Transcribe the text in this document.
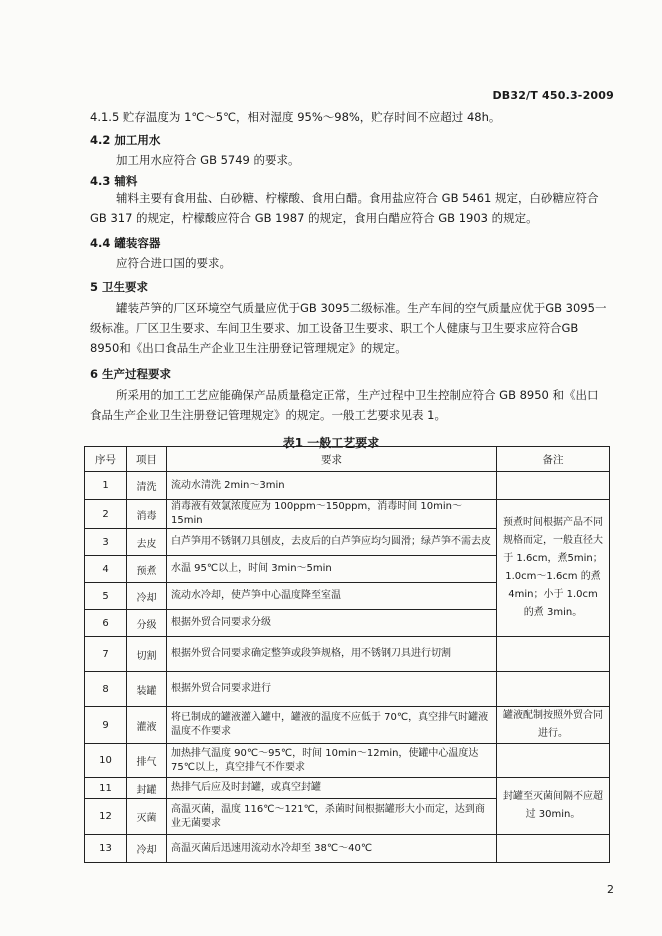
DB32/T 450.3-2009
4.1.5 贮存温度为 1℃～5℃，相对湿度 95%～98%，贮存时间不应超过 48h。
4.2 加工用水
加工用水应符合 GB 5749 的要求。
4.3 辅料
辅料主要有食用盐、白砂糖、柠檬酸、食用白醋。食用盐应符合 GB 5461 规定，白砂糖应符合 GB 317 的规定，柠檬酸应符合 GB 1987 的规定，食用白醋应符合 GB 1903 的规定。
4.4 罐装容器
应符合进口国的要求。
5 卫生要求
罐装芦笋的厂区环境空气质量应优于GB 3095二级标准。生产车间的空气质量应优于GB 3095一级标准。厂区卫生要求、车间卫生要求、加工设备卫生要求、职工个人健康与卫生要求应符合GB 8950和《出口食品生产企业卫生注册登记管理规定》的规定。
6 生产过程要求
所采用的加工工艺应能确保产品质量稳定正常，生产过程中卫生控制应符合 GB 8950 和《出口食品生产企业卫生注册登记管理规定》的规定。一般工艺要求见表 1。
表1 一般工艺要求
序号	项目	要求	备注
1	清洗	流动水清洗 2min～3min	
2	消毒	消毒液有效氯浓度应为 100ppm～150ppm，消毒时间 10min～15min	预煮时间根据产品不同规格而定，一般直径大于 1.6cm，煮5min；1.0cm～1.6cm 的煮 4min；小于 1.0cm 的煮 3min。
3	去皮	白芦笋用不锈钢刀具刨皮，去皮后的白芦笋应均匀圆滑；绿芦笋不需去皮	
4	预煮	水温 95℃以上，时间 3min～5min	
5	冷却	流动水冷却，使芦笋中心温度降至室温	
6	分级	根据外贸合同要求分级	
7	切割	根据外贸合同要求确定整笋或段笋规格，用不锈钢刀具进行切割	
8	装罐	根据外贸合同要求进行	
9	灌液	将已制成的罐液灌入罐中，罐液的温度不应低于 70℃，真空排气时罐液温度不作要求	罐液配制按照外贸合同进行。
10	排气	加热排气温度 90℃～95℃，时间 10min～12min，使罐中心温度达 75℃以上，真空排气不作要求	
11	封罐	热排气后应及时封罐，或真空封罐	封罐至灭菌间隔不应超过 30min。
12	灭菌	高温灭菌，温度 116℃～121℃，杀菌时间根据罐形大小而定，达到商业无菌要求	
13	冷却	高温灭菌后迅速用流动水冷却至 38℃～40℃	
2
